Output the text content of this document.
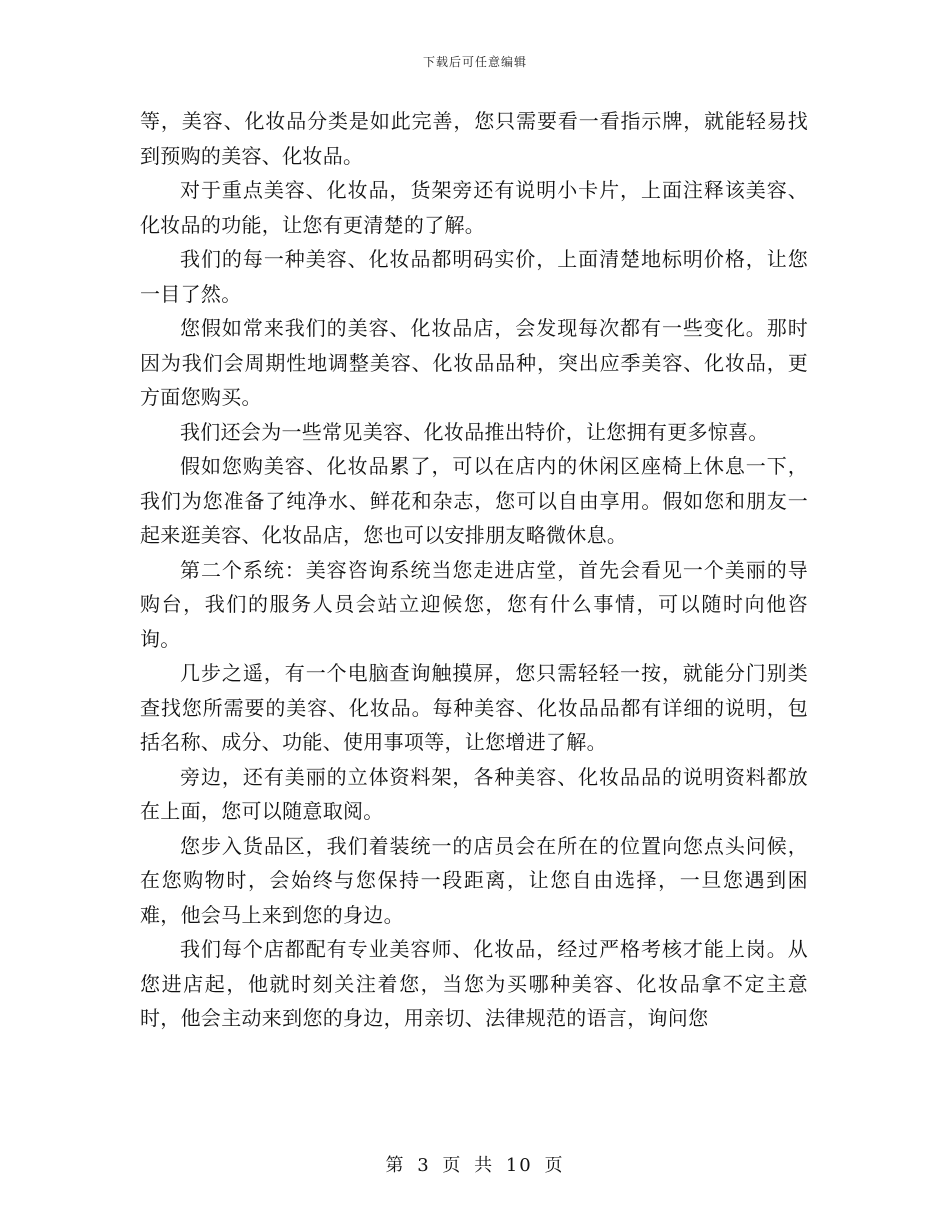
下载后可任意编辑

等，美容、化妆品分类是如此完善，您只需要看一看指示牌，就能轻易找到预购的美容、化妆品。

对于重点美容、化妆品，货架旁还有说明小卡片，上面注释该美容、化妆品的功能，让您有更清楚的了解。

我们的每一种美容、化妆品都明码实价，上面清楚地标明价格，让您一目了然。

您假如常来我们的美容、化妆品店，会发现每次都有一些变化。那时因为我们会周期性地调整美容、化妆品品种，突出应季美容、化妆品，更方面您购买。

我们还会为一些常见美容、化妆品推出特价，让您拥有更多惊喜。

假如您购美容、化妆品累了，可以在店内的休闲区座椅上休息一下，我们为您准备了纯净水、鲜花和杂志，您可以自由享用。假如您和朋友一起来逛美容、化妆品店，您也可以安排朋友略微休息。

第二个系统：美容咨询系统当您走进店堂，首先会看见一个美丽的导购台，我们的服务人员会站立迎候您，您有什么事情，可以随时向他咨询。

几步之遥，有一个电脑查询触摸屏，您只需轻轻一按，就能分门别类查找您所需要的美容、化妆品。每种美容、化妆品品都有详细的说明，包括名称、成分、功能、使用事项等，让您增进了解。

旁边，还有美丽的立体资料架，各种美容、化妆品品的说明资料都放在上面，您可以随意取阅。

您步入货品区，我们着装统一的店员会在所在的位置向您点头问候，在您购物时，会始终与您保持一段距离，让您自由选择，一旦您遇到困难，他会马上来到您的身边。

我们每个店都配有专业美容师、化妆品，经过严格考核才能上岗。从您进店起，他就时刻关注着您，当您为买哪种美容、化妆品拿不定主意时，他会主动来到您的身边，用亲切、法律规范的语言，询问您

第 3 页 共 10 页
